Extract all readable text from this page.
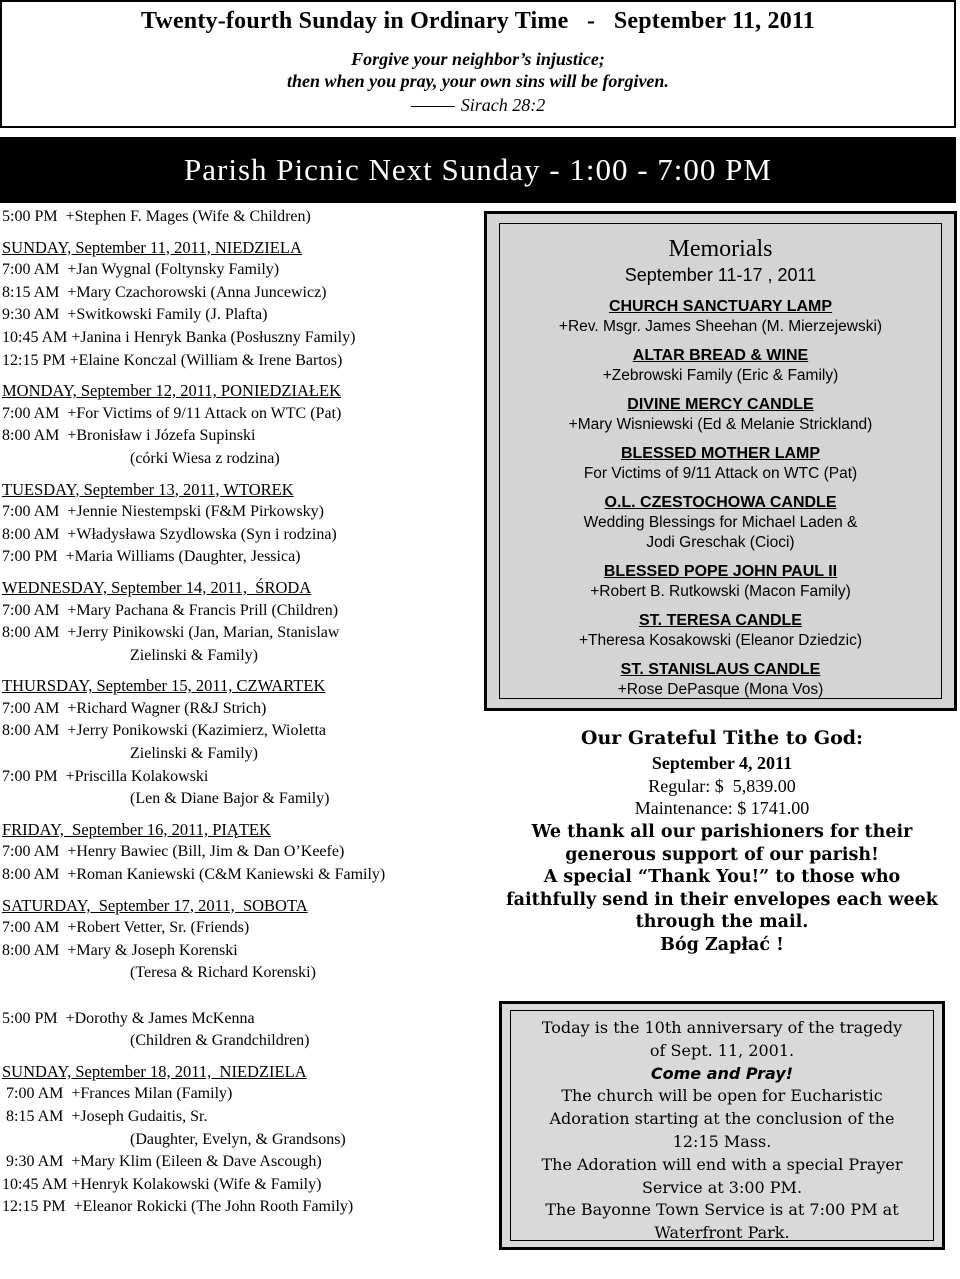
Twenty-fourth Sunday in Ordinary Time   -   September 11, 2011
Forgive your neighbor’s injustice;
then when you pray, your own sins will be forgiven.
Sirach 28:2
Parish Picnic Next Sunday - 1:00 - 7:00 PM
5:00 PM  +Stephen F. Mages (Wife & Children)
SUNDAY, September 11, 2011, NIEDZIELA
7:00 AM  +Jan Wygnal (Foltynsky Family)
8:15 AM  +Mary Czachorowski (Anna Juncewicz)
9:30 AM  +Switkowski Family (J. Plafta)
10:45 AM +Janina i Henryk Banka (Posłuszny Family)
12:15 PM +Elaine Konczal (William & Irene Bartos)
MONDAY, September 12, 2011, PONIEDZIAŁEK
7:00 AM  +For Victims of 9/11 Attack on WTC (Pat)
8:00 AM  +Bronisław i Józefa Supinski
(córki Wiesa z rodzina)
TUESDAY, September 13, 2011, WTOREK
7:00 AM  +Jennie Niestempski (F&M Pirkowsky)
8:00 AM  +Władysława Szydlowska (Syn i rodzina)
7:00 PM  +Maria Williams (Daughter, Jessica)
WEDNESDAY, September 14, 2011,  ŚRODA
7:00 AM  +Mary Pachana & Francis Prill (Children)
8:00 AM  +Jerry Pinikowski (Jan, Marian, Stanislaw
Zielinski & Family)
THURSDAY, September 15, 2011, CZWARTEK
7:00 AM  +Richard Wagner (R&J Strich)
8:00 AM  +Jerry Ponikowski (Kazimierz, Wioletta
Zielinski & Family)
7:00 PM  +Priscilla Kolakowski
(Len & Diane Bajor & Family)
FRIDAY,  September 16, 2011, PIĄTEK
7:00 AM  +Henry Bawiec (Bill, Jim & Dan O’Keefe)
8:00 AM  +Roman Kaniewski (C&M Kaniewski & Family)
SATURDAY,  September 17, 2011,  SOBOTA
7:00 AM  +Robert Vetter, Sr. (Friends)
8:00 AM  +Mary & Joseph Korenski
(Teresa & Richard Korenski)
5:00 PM  +Dorothy & James McKenna
(Children & Grandchildren)
SUNDAY, September 18, 2011,  NIEDZIELA
7:00 AM  +Frances Milan (Family)
8:15 AM  +Joseph Gudaitis, Sr.
(Daughter, Evelyn, & Grandsons)
9:30 AM  +Mary Klim (Eileen & Dave Ascough)
10:45 AM +Henryk Kolakowski (Wife & Family)
12:15 PM  +Eleanor Rokicki (The John Rooth Family)
Memorials
September 11-17 , 2011
CHURCH SANCTUARY LAMP
+Rev. Msgr. James Sheehan (M. Mierzejewski)
ALTAR BREAD & WINE
+Zebrowski Family (Eric & Family)
DIVINE MERCY CANDLE
+Mary Wisniewski (Ed & Melanie Strickland)
BLESSED MOTHER LAMP
For Victims of 9/11 Attack on WTC (Pat)
O.L. CZESTOCHOWA CANDLE
Wedding Blessings for Michael Laden &
Jodi Greschak (Cioci)
BLESSED POPE JOHN PAUL II
+Robert B. Rutkowski (Macon Family)
ST. TERESA CANDLE
+Theresa Kosakowski (Eleanor Dziedzic)
ST. STANISLAUS CANDLE
+Rose DePasque (Mona Vos)
Our Grateful Tithe to God:
September 4, 2011
Regular: $  5,839.00
Maintenance: $ 1741.00
We thank all our parishioners for their
generous support of our parish!
A special “Thank You!” to those who
faithfully send in their envelopes each week
through the mail.
Bóg Zapłać !
Today is the 10th anniversary of the tragedy
of Sept. 11, 2001.
Come and Pray!
The church will be open for Eucharistic
Adoration starting at the conclusion of the
12:15 Mass.
The Adoration will end with a special Prayer
Service at 3:00 PM.
The Bayonne Town Service is at 7:00 PM at
Waterfront Park.
